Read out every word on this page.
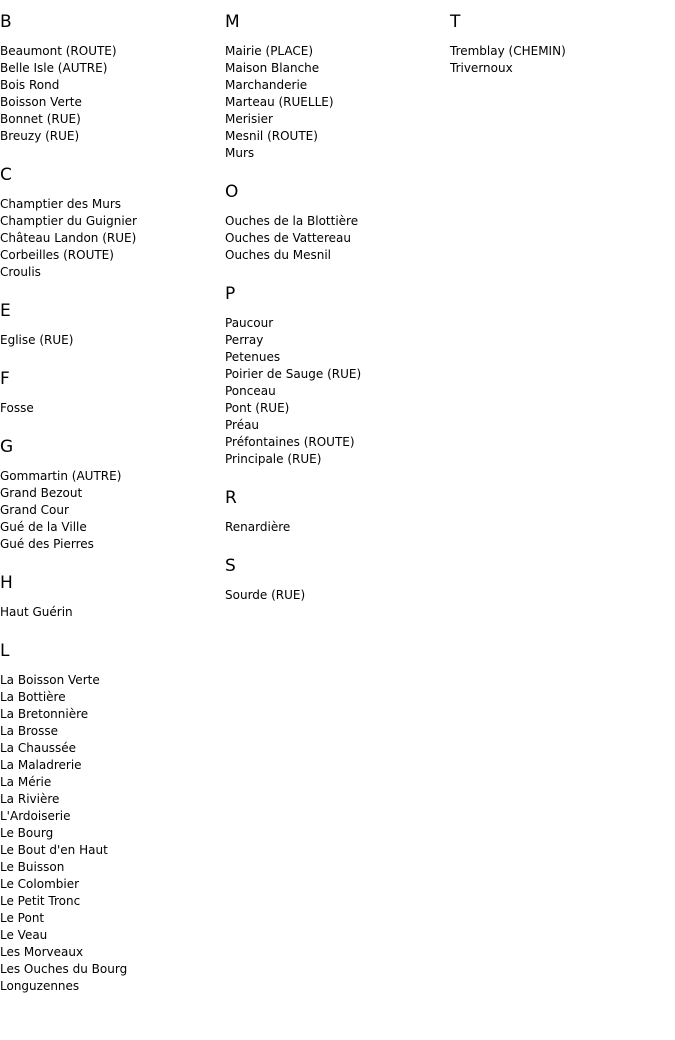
B
Beaumont (ROUTE)
Belle Isle (AUTRE)
Bois Rond
Boisson Verte
Bonnet (RUE)
Breuzy (RUE)
C
Champtier des Murs
Champtier du Guignier
Château Landon (RUE)
Corbeilles (ROUTE)
Croulis
E
Eglise (RUE)
F
Fosse
G
Gommartin (AUTRE)
Grand Bezout
Grand Cour
Gué de la Ville
Gué des Pierres
H
Haut Guérin
L
La Boisson Verte
La Bottière
La Bretonnière
La Brosse
La Chaussée
La Maladrerie
La Mérie
La Rivière
L'Ardoiserie
Le Bourg
Le Bout d'en Haut
Le Buisson
Le Colombier
Le Petit Tronc
Le Pont
Le Veau
Les Morveaux
Les Ouches du Bourg
Longuzennes
M
Mairie (PLACE)
Maison Blanche
Marchanderie
Marteau (RUELLE)
Merisier
Mesnil (ROUTE)
Murs
O
Ouches de la Blottière
Ouches de Vattereau
Ouches du Mesnil
P
Paucour
Perray
Petenues
Poirier de Sauge (RUE)
Ponceau
Pont (RUE)
Préau
Préfontaines (ROUTE)
Principale (RUE)
R
Renardière
S
Sourde (RUE)
T
Tremblay (CHEMIN)
Trivernoux
